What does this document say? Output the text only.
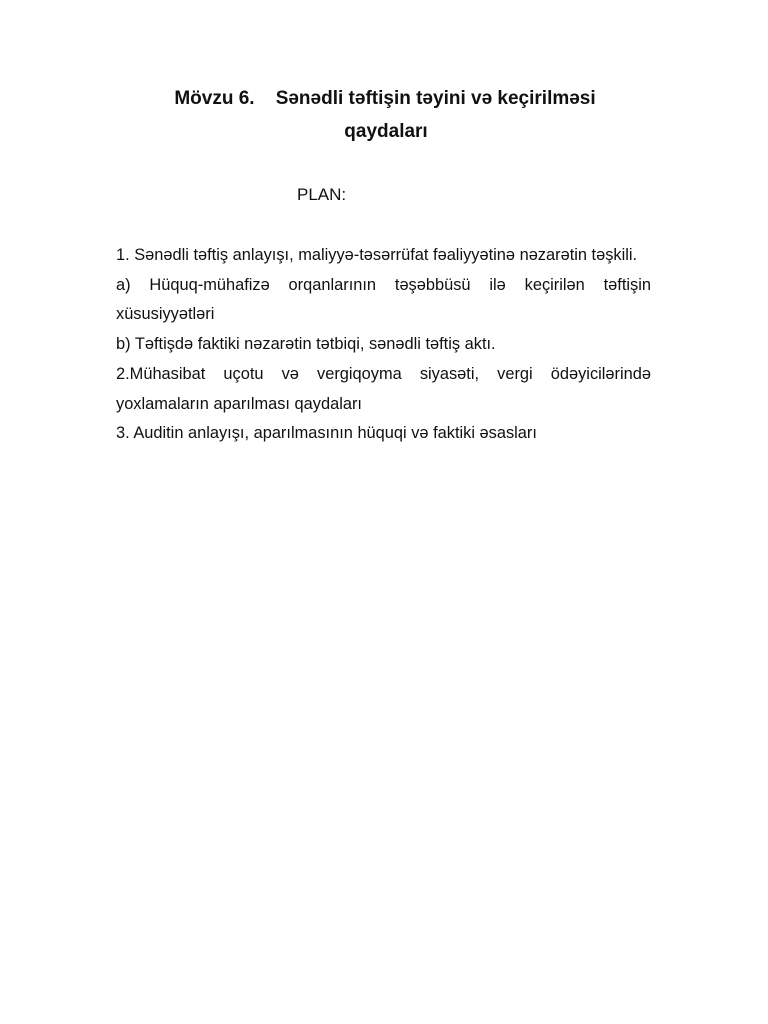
Mövzu 6.    Sənədli təftişin təyini və keçirilməsi
qaydaları
PLAN:

1. Sənədli təftiş anlayışı, maliyyə-təsərrüfat fəaliyyətinə nəzarətin təşkili.

a) Hüquq-mühafizə orqanlarının təşəbbüsü ilə keçirilən təftişin xüsusiyyətləri

b) Təftişdə faktiki nəzarətin tətbiqi, sənədli təftiş aktı.

2.Mühasibat uçotu və vergiqoyma siyasəti, vergi ödəyicilərində yoxlamaların aparılması qaydaları

3. Auditin anlayışı, aparılmasının hüquqi və faktiki əsasları
